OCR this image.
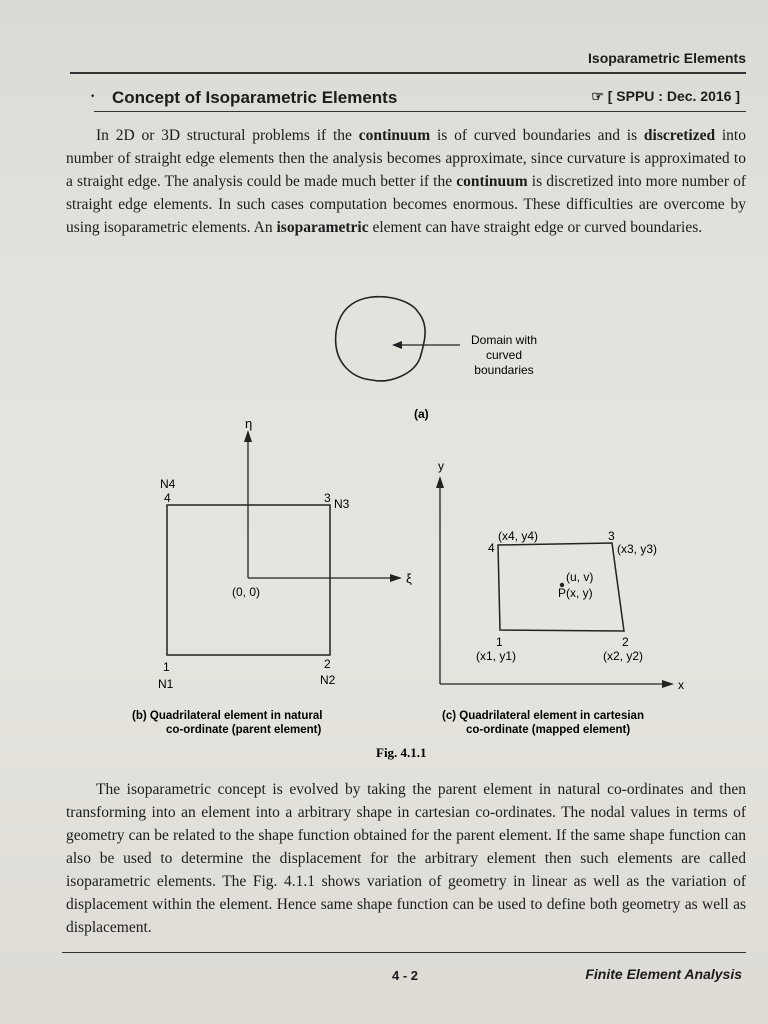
Isoparametric Elements
· Concept of Isoparametric Elements	☞ [ SPPU : Dec. 2016 ]
In 2D or 3D structural problems if the continuum is of curved boundaries and is discretized into number of straight edge elements then the analysis becomes approximate, since curvature is approximated to a straight edge. The analysis could be made much better if the continuum is discretized into more number of straight edge elements. In such cases computation becomes enormous. These difficulties are overcome by using isoparametric elements. An isoparametric element can have straight edge or curved boundaries.
Domain with
curved
boundaries
(a)
η
ξ
(0, 0)
1
N1
2
N2
3 N3
N4
4
(b) Quadrilateral element in natural
co-ordinate (parent element)
y
x
1
(x1, y1)
2
(x2, y2)
3
(x3, y3)
4
(x4, y4)
(u, v)
P(x, y)
(c) Quadrilateral element in cartesian
co-ordinate (mapped element)
Fig. 4.1.1
The isoparametric concept is evolved by taking the parent element in natural co-ordinates and then transforming into an element into a arbitrary shape in cartesian co-ordinates. The nodal values in terms of geometry can be related to the shape function obtained for the parent element. If the same shape function can also be used to determine the displacement for the arbitrary element then such elements are called isoparametric elements. The Fig. 4.1.1 shows variation of geometry in linear as well as the variation of displacement within the element. Hence same shape function can be used to define both geometry as well as displacement.
4 - 2	Finite Element Analysis
